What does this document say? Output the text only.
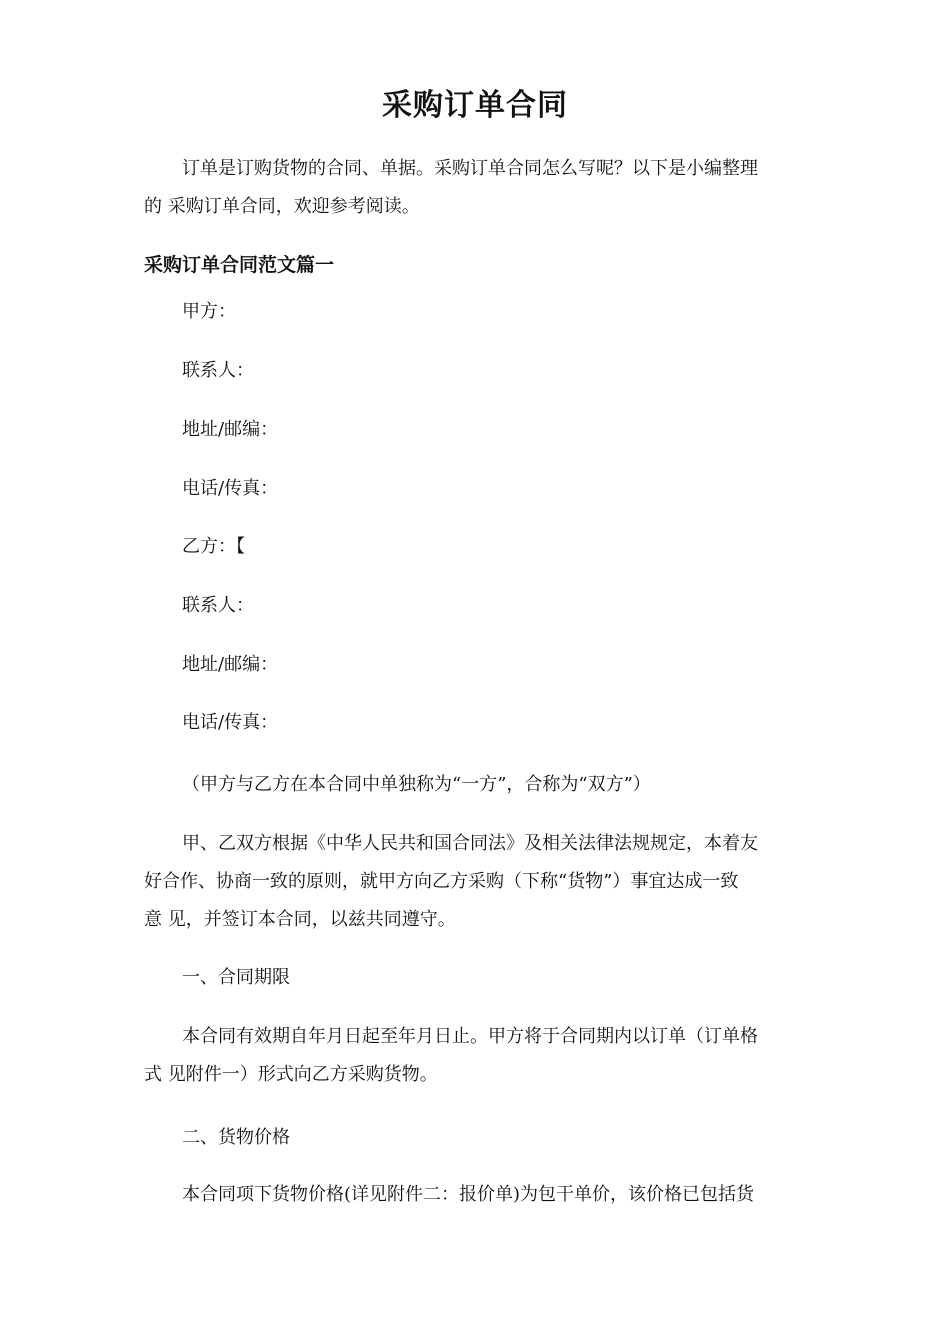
采购订单合同
订单是订购货物的合同、单据。采购订单合同怎么写呢？以下是小编整理
的 采购订单合同，欢迎参考阅读。
采购订单合同范文篇一

甲方：

联系人：

地址/邮编：

电话/传真：

乙方：【

联系人：

地址/邮编：

电话/传真：

（甲方与乙方在本合同中单独称为“一方”，合称为“双方”）

甲、乙双方根据《中华人民共和国合同法》及相关法律法规规定，本着友
好合作、协商一致的原则，就甲方向乙方采购（下称“货物”）事宜达成一致
意 见，并签订本合同，以兹共同遵守。

一、合同期限

本合同有效期自年月日起至年月日止。甲方将于合同期内以订单（订单格
式 见附件一）形式向乙方采购货物。

二、货物价格

本合同项下货物价格(详见附件二：报价单)为包干单价，该价格已包括货
